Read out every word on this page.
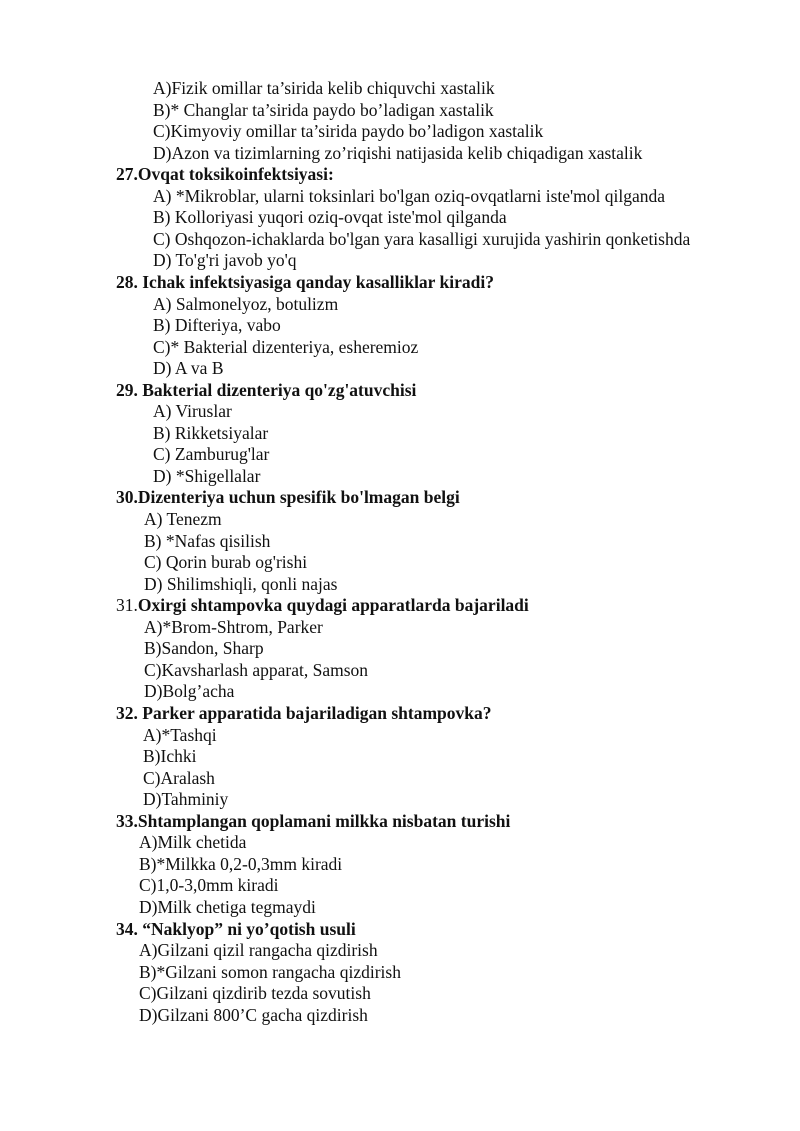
A)Fizik omillar ta’sirida kelib chiquvchi xastalik
B)* Changlar ta’sirida paydo bo’ladigan xastalik
C)Kimyoviy omillar ta’sirida paydo bo’ladigon xastalik
D)Azon va tizimlarning zo’riqishi natijasida kelib chiqadigan xastalik
27.Ovqat toksikoinfektsiyasi:
A) *Mikroblar, ularni toksinlari bo'lgan oziq-ovqatlarni iste'mol qilganda
B) Kolloriyasi yuqori oziq-ovqat iste'mol qilganda
C) Oshqozon-ichaklarda bo'lgan yara kasalligi xurujida yashirin qonketishda
D) To'g'ri javob yo'q
28. Ichak infektsiyasiga qanday kasalliklar kiradi?
A) Salmonelyoz, botulizm
B) Difteriya, vabo
C)* Bakterial dizenteriya, esheremioz
D) A va B
29. Bakterial dizenteriya qo'zg'atuvchisi
A) Viruslar
B) Rikketsiyalar
C) Zamburug'lar
D) *Shigellalar
30.Dizenteriya uchun spesifik bo'lmagan belgi
A) Tenezm
B) *Nafas qisilish
C) Qorin burab og'rishi
D) Shilimshiqli, qonli najas
31.Oxirgi shtampovka quydagi apparatlarda bajariladi
A)*Brom-Shtrom, Parker
B)Sandon, Sharp
C)Kavsharlash apparat, Samson
D)Bolg’acha
32. Parker apparatida bajariladigan shtampovka?
A)*Tashqi
B)Ichki
C)Aralash
D)Tahminiy
33.Shtamplangan qoplamani milkka nisbatan turishi
A)Milk chetida
B)*Milkka 0,2-0,3mm kiradi
C)1,0-3,0mm kiradi
D)Milk chetiga tegmaydi
34. “Naklyop” ni yo’qotish usuli
A)Gilzani qizil rangacha qizdirish
B)*Gilzani somon rangacha qizdirish
C)Gilzani qizdirib tezda sovutish
D)Gilzani 800’C gacha qizdirish
